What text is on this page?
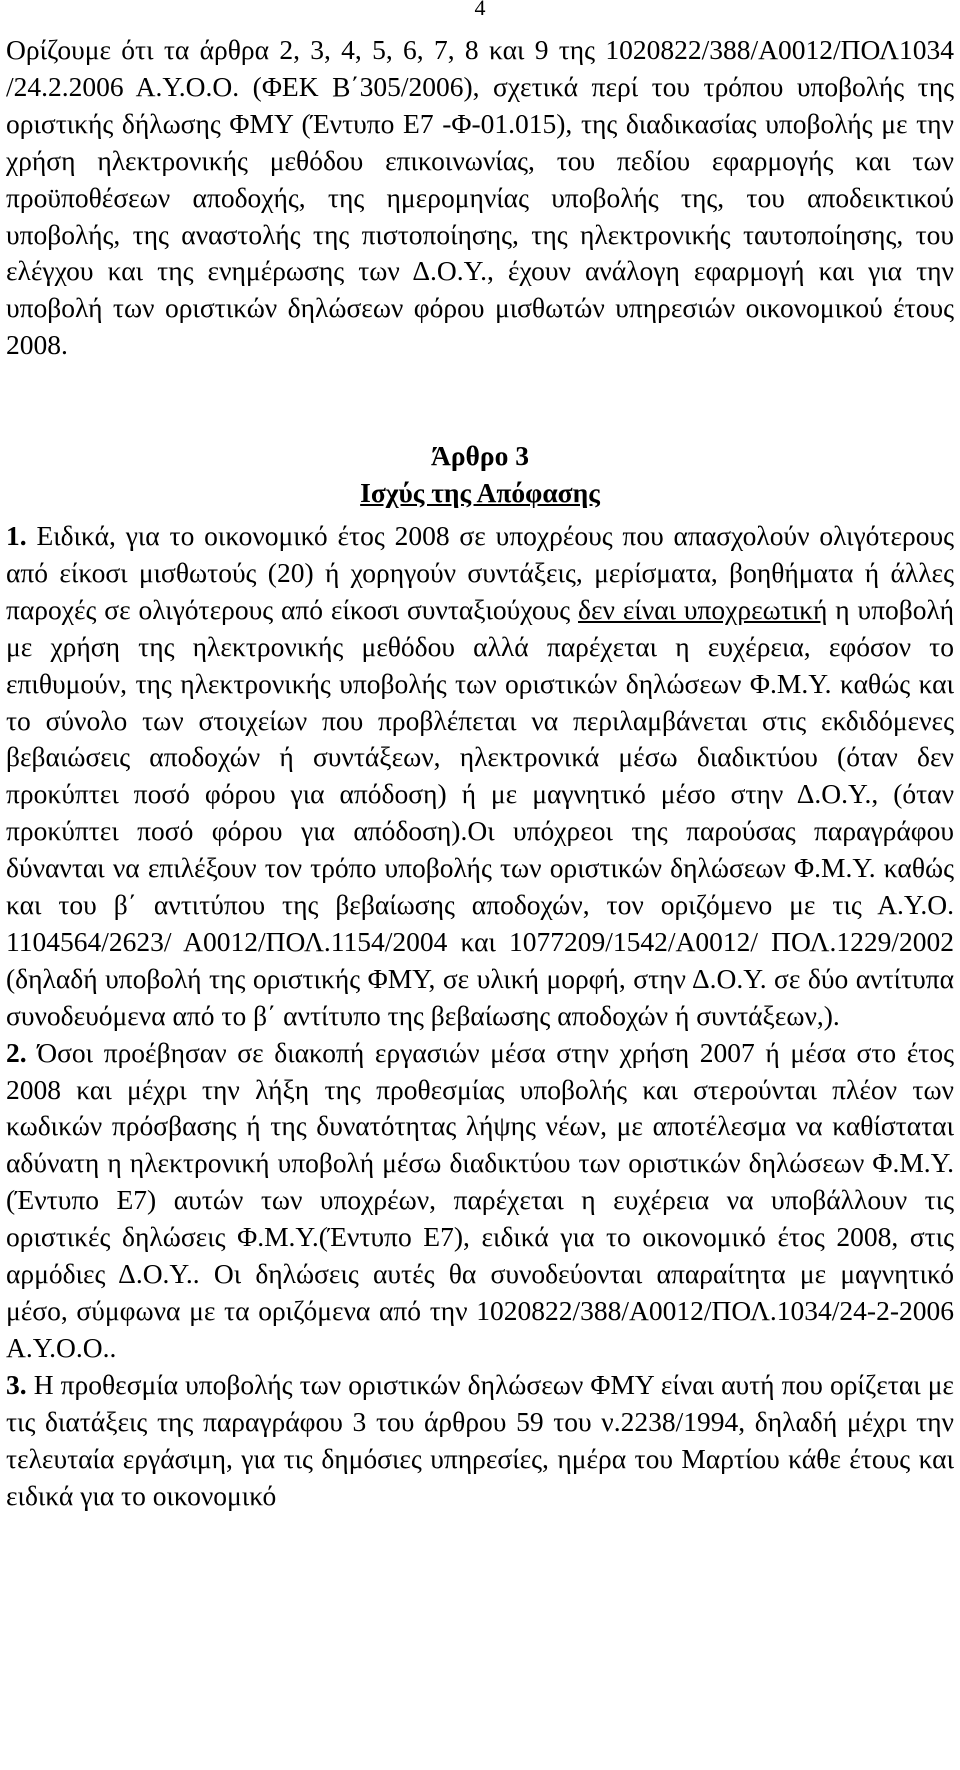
4

Ορίζουμε ότι τα άρθρα 2, 3, 4, 5, 6, 7, 8 και 9 της 1020822/388/Α0012/ΠΟΛ1034 /24.2.2006 Α.Υ.Ο.Ο. (ΦΕΚ Β΄305/2006), σχετικά περί του τρόπου υποβολής της οριστικής δήλωσης ΦΜΥ (Έντυπο Ε7 -Φ-01.015), της διαδικασίας υποβολής με την χρήση ηλεκτρονικής μεθόδου επικοινωνίας, του πεδίου εφαρμογής και των προϋποθέσεων αποδοχής, της ημερομηνίας υποβολής της, του αποδεικτικού υποβολής, της αναστολής της πιστοποίησης, της ηλεκτρονικής ταυτοποίησης, του ελέγχου και της ενημέρωσης των Δ.Ο.Υ., έχουν ανάλογη εφαρμογή και για την υποβολή των οριστικών δηλώσεων φόρου μισθωτών υπηρεσιών οικονομικού έτους 2008.

Άρθρο 3

Ισχύς της Απόφασης

1. Ειδικά, για το οικονομικό έτος 2008 σε υποχρέους που απασχολούν ολιγότερους από είκοσι μισθωτούς (20) ή χορηγούν συντάξεις, μερίσματα, βοηθήματα ή άλλες παροχές σε ολιγότερους από είκοσι συνταξιούχους δεν είναι υποχρεωτική η υποβολή με χρήση της ηλεκτρονικής μεθόδου αλλά παρέχεται η ευχέρεια, εφόσον το επιθυμούν, της ηλεκτρονικής υποβολής των οριστικών δηλώσεων Φ.Μ.Υ. καθώς και το σύνολο των στοιχείων που προβλέπεται να περιλαμβάνεται στις εκδιδόμενες βεβαιώσεις αποδοχών ή συντάξεων, ηλεκτρονικά μέσω διαδικτύου (όταν δεν προκύπτει ποσό φόρου για απόδοση) ή με μαγνητικό μέσο στην Δ.Ο.Υ., (όταν προκύπτει ποσό φόρου για απόδοση).Οι υπόχρεοι της παρούσας παραγράφου δύνανται να επιλέξουν τον τρόπο υποβολής των οριστικών δηλώσεων Φ.Μ.Υ. καθώς και του β΄ αντιτύπου της βεβαίωσης αποδοχών, τον οριζόμενο με τις Α.Υ.Ο. 1104564/2623/ Α0012/ΠΟΛ.1154/2004 και 1077209/1542/Α0012/ ΠΟΛ.1229/2002 (δηλαδή υποβολή της οριστικής ΦΜΥ, σε υλική μορφή, στην Δ.Ο.Υ. σε δύο αντίτυπα συνοδευόμενα από το β΄ αντίτυπο της βεβαίωσης αποδοχών ή συντάξεων,).

2. Όσοι προέβησαν σε διακοπή εργασιών μέσα στην χρήση 2007 ή μέσα στο έτος 2008 και μέχρι την λήξη της προθεσμίας υποβολής και στερούνται πλέον των κωδικών πρόσβασης ή της δυνατότητας λήψης νέων, με αποτέλεσμα να καθίσταται αδύνατη η ηλεκτρονική υποβολή μέσω διαδικτύου των οριστικών δηλώσεων Φ.Μ.Υ. (Έντυπο Ε7) αυτών των υποχρέων, παρέχεται η ευχέρεια να υποβάλλουν τις οριστικές δηλώσεις Φ.Μ.Υ.(Έντυπο Ε7), ειδικά για το οικονομικό έτος 2008, στις αρμόδιες Δ.Ο.Υ.. Οι δηλώσεις αυτές θα συνοδεύονται απαραίτητα με μαγνητικό μέσο, σύμφωνα με τα οριζόμενα από την 1020822/388/Α0012/ΠΟΛ.1034/24-2-2006 Α.Υ.Ο.Ο..

3. Η προθεσμία υποβολής των οριστικών δηλώσεων ΦΜΥ είναι αυτή που ορίζεται με τις διατάξεις της παραγράφου 3 του άρθρου 59 του ν.2238/1994, δηλαδή μέχρι την τελευταία εργάσιμη, για τις δημόσιες υπηρεσίες, ημέρα του Μαρτίου κάθε έτους και ειδικά για το οικονομικό
